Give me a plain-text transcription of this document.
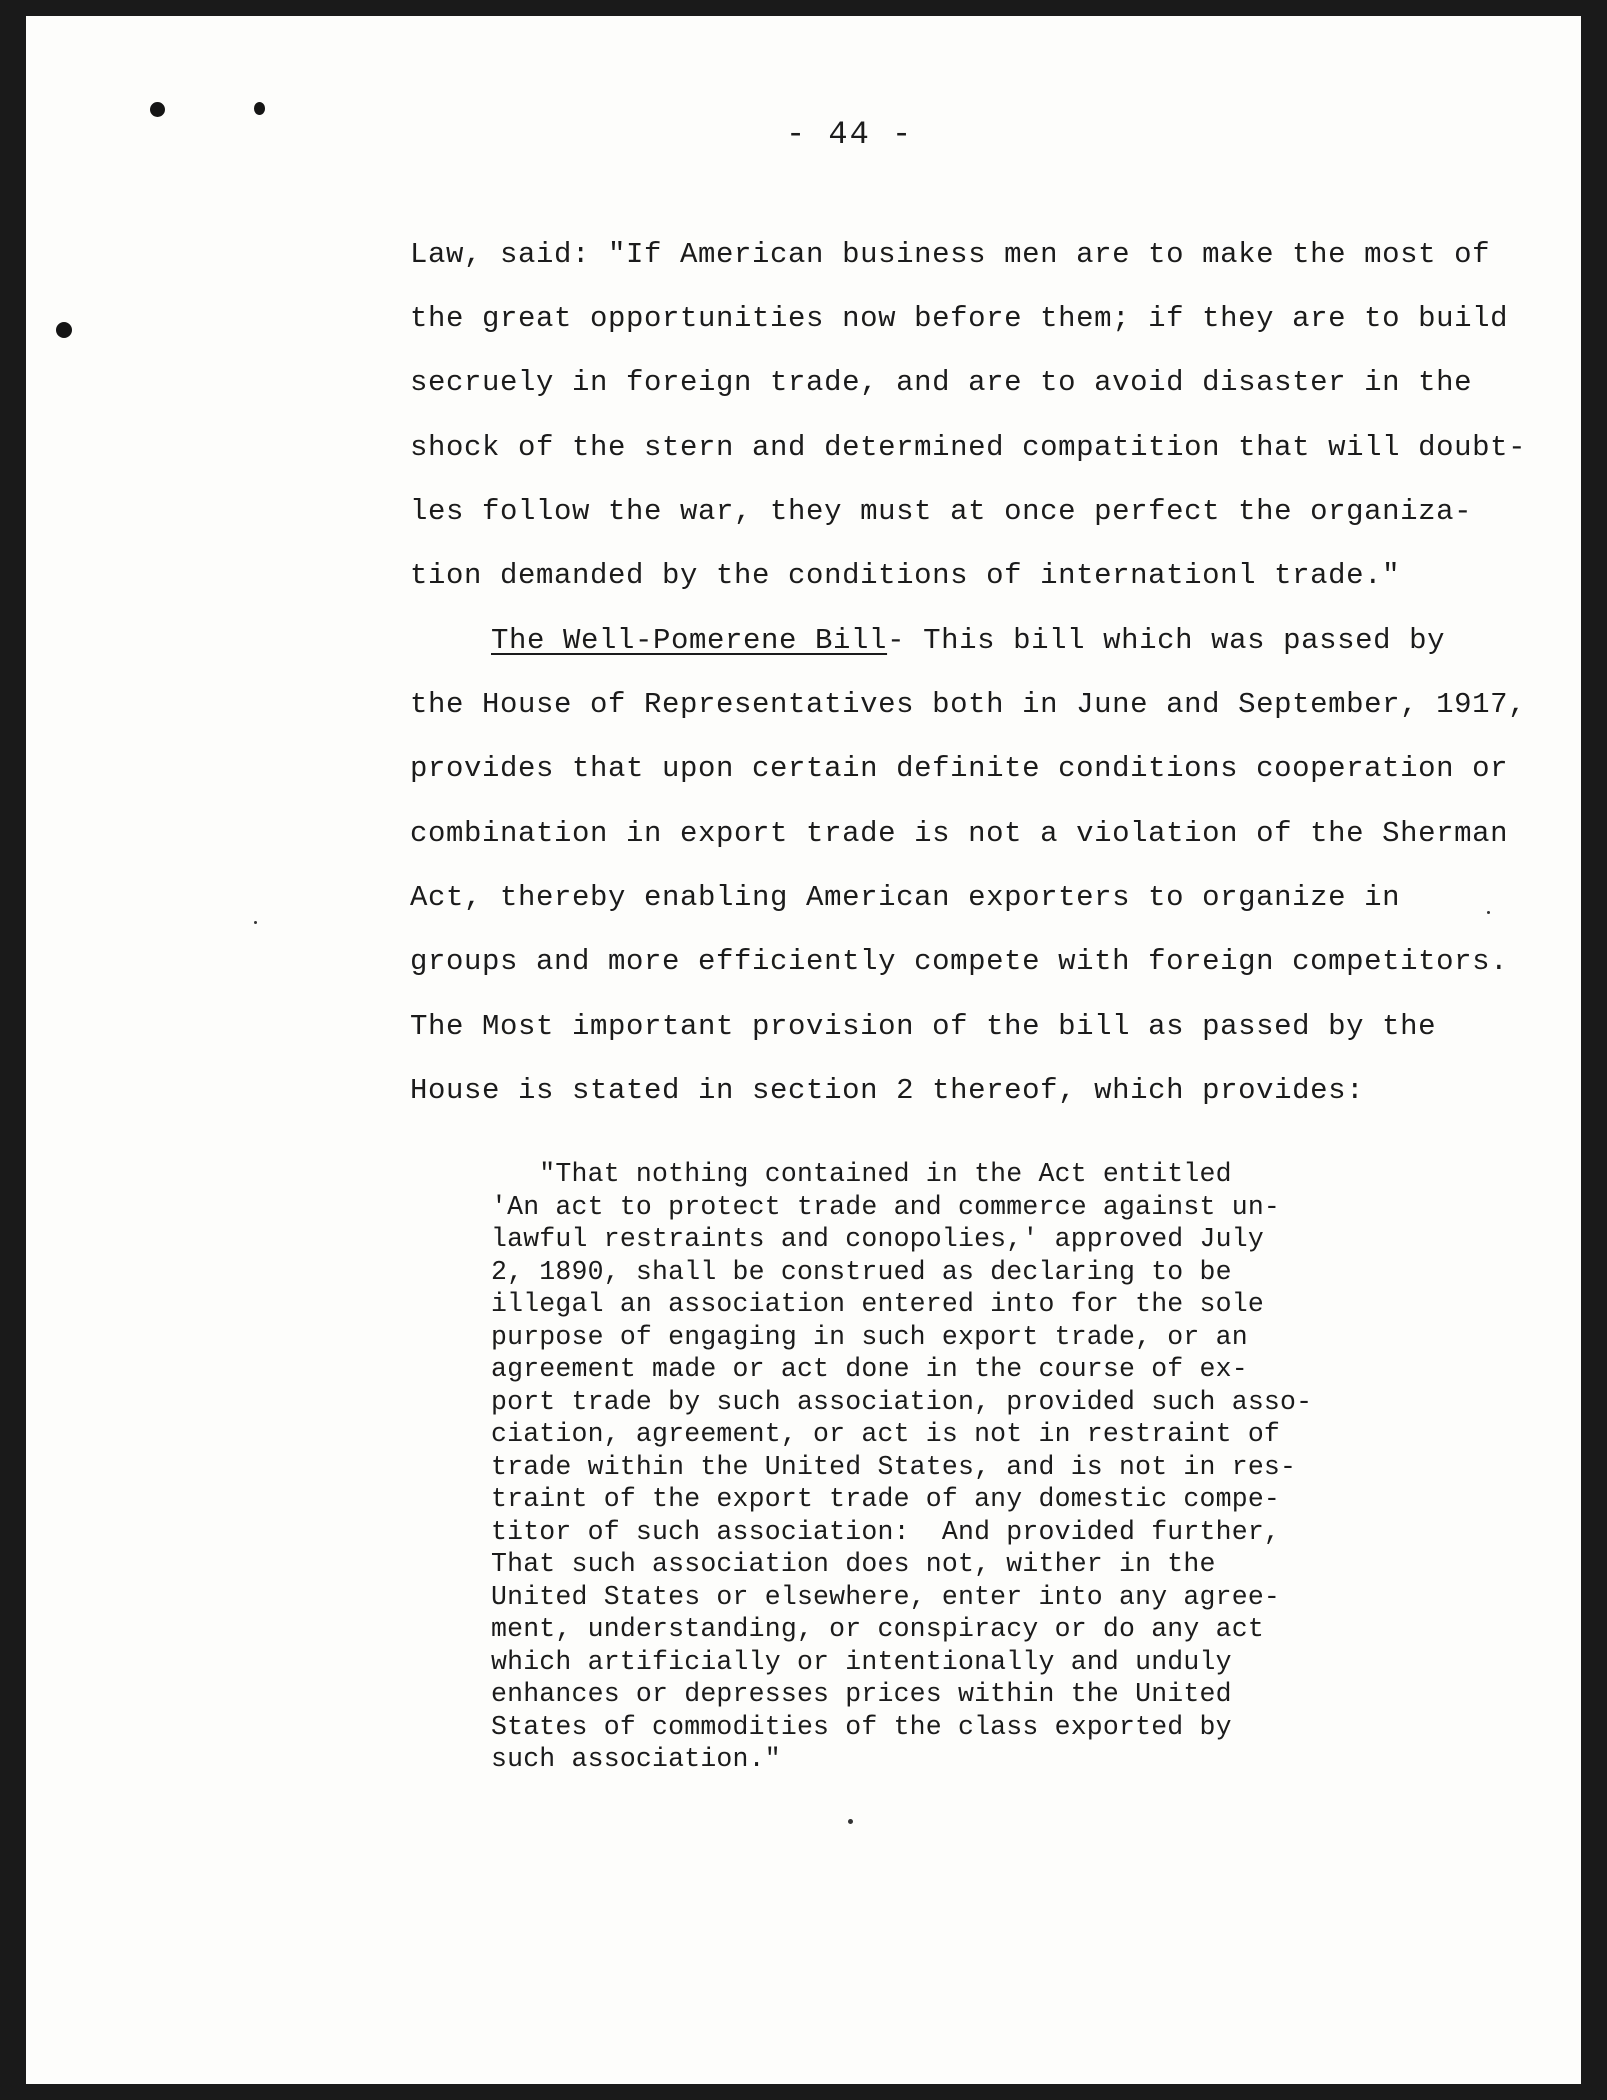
- 44 -
Law, said: "If American business men are to make the most of
the great opportunities now before them; if they are to build
secruely in foreign trade, and are to avoid disaster in the
shock of the stern and determined compatition that will doubt-
les follow the war, they must at once perfect the organiza-
tion demanded by the conditions of internationl trade."
The Well-Pomerene Bill- This bill which was passed by
the House of Representatives both in June and September, 1917,
provides that upon certain definite conditions cooperation or
combination in export trade is not a violation of the Sherman
Act, thereby enabling American exporters to organize in
groups and more efficiently compete with foreign competitors.
The Most important provision of the bill as passed by the
House is stated in section 2 thereof, which provides:
"That nothing contained in the Act entitled
'An act to protect trade and commerce against un-
lawful restraints and conopolies,' approved July
2, 1890, shall be construed as declaring to be
illegal an association entered into for the sole
purpose of engaging in such export trade, or an
agreement made or act done in the course of ex-
port trade by such association, provided such asso-
ciation, agreement, or act is not in restraint of
trade within the United States, and is not in res-
traint of the export trade of any domestic compe-
titor of such association:  And provided further,
That such association does not, wither in the
United States or elsewhere, enter into any agree-
ment, understanding, or conspiracy or do any act
which artificially or intentionally and unduly
enhances or depresses prices within the United
States of commodities of the class exported by
such association."
